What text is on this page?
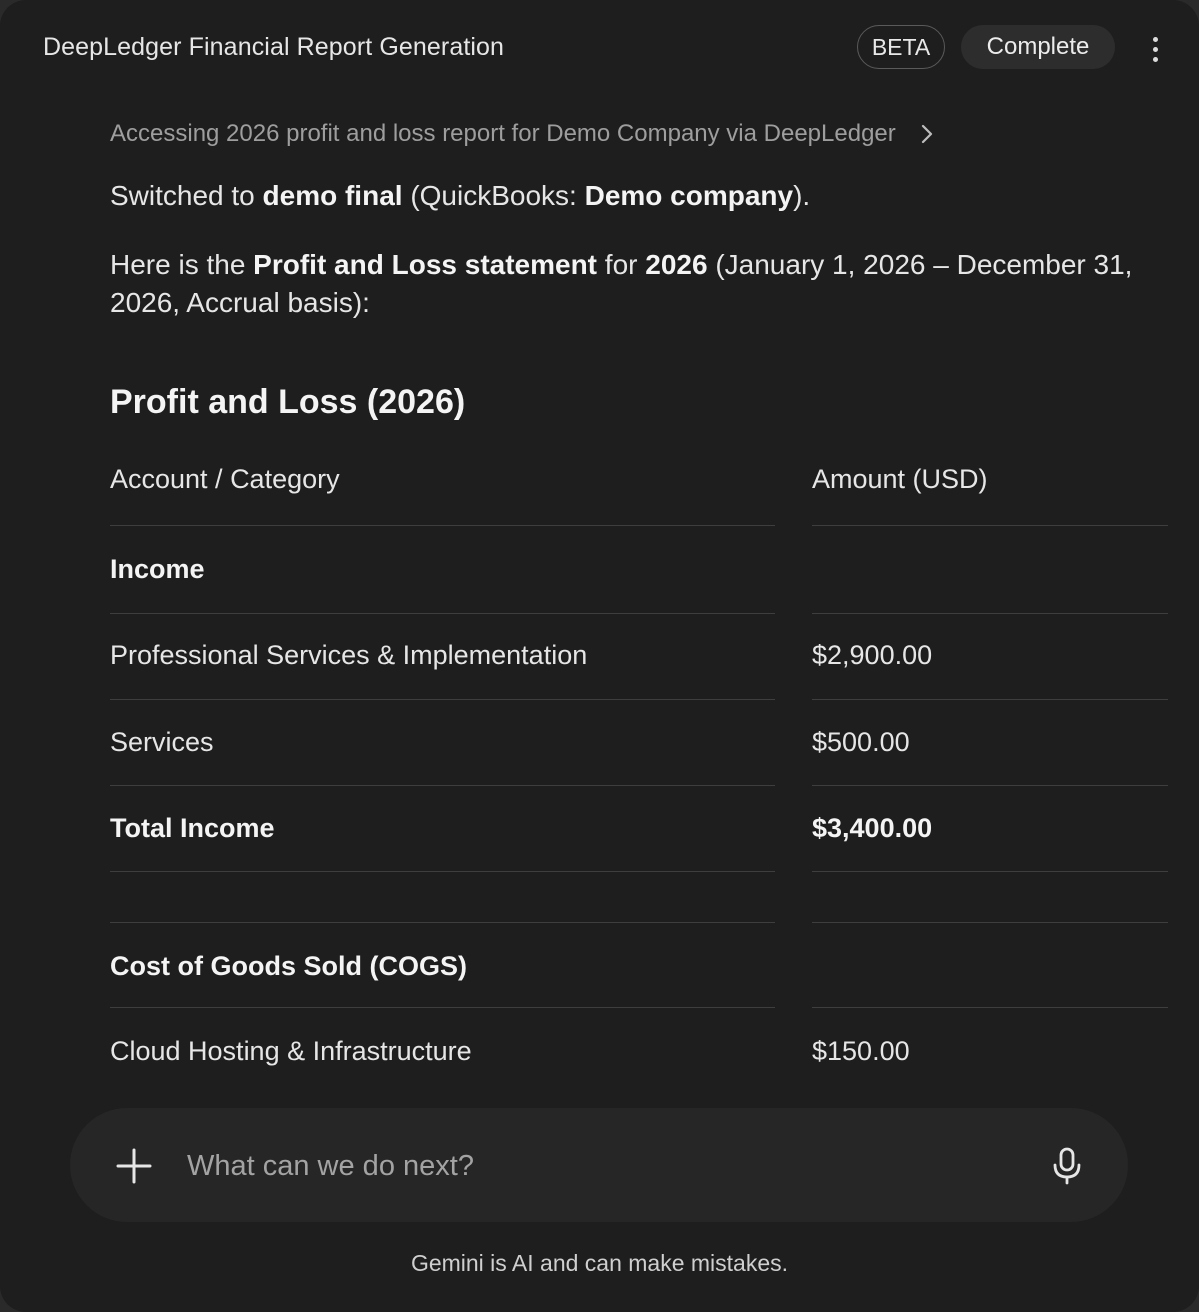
DeepLedger Financial Report Generation	BETA	Complete
Accessing 2026 profit and loss report for Demo Company via DeepLedger
Switched to demo final (QuickBooks: Demo company).
Here is the Profit and Loss statement for 2026 (January 1, 2026 – December 31, 2026, Accrual basis):
Profit and Loss (2026)
Account / Category	Amount (USD)
Income
Professional Services & Implementation	$2,900.00
Services	$500.00
Total Income	$3,400.00
Cost of Goods Sold (COGS)
Cloud Hosting & Infrastructure	$150.00
What can we do next?
Gemini is AI and can make mistakes.
